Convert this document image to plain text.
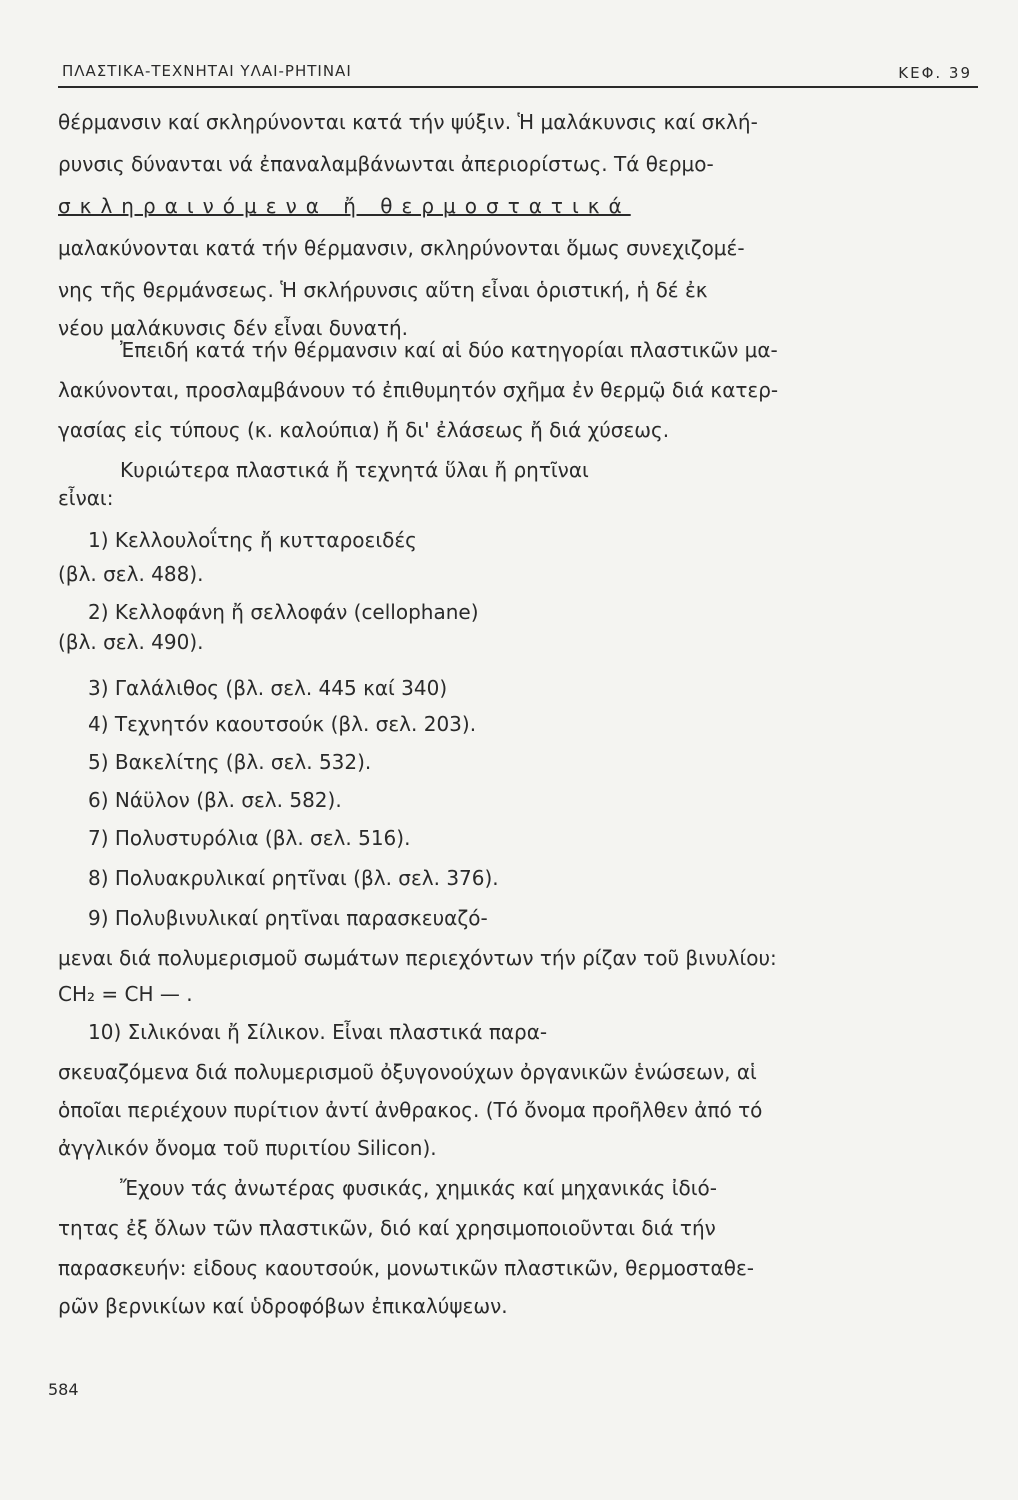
ΠΛΑΣΤΙΚΑ-ΤΕΧΝΗΤΑΙ ΥΛΑΙ-ΡΗΤΙΝΑΙ	ΚΕΦ. 39
θέρμανσιν καί σκληρύνονται κατά τήν ψύξιν. Ἡ μαλάκυνσις καί σκλή-
ρυνσις δύνανται νά ἐπαναλαμβάνωνται ἀπεριορίστως. Τά θερμο-
σκληραινόμενα ἤ θερμοστατικά
μαλακύνονται κατά τήν θέρμανσιν, σκληρύνονται ὅμως συνεχιζομέ-
νης τῆς θερμάνσεως. Ἡ σκλήρυνσις αὕτη εἶναι ὁριστική, ἡ δέ ἐκ
νέου μαλάκυνσις δέν εἶναι δυνατή.
Ἐπειδή κατά τήν θέρμανσιν καί αἱ δύο κατηγορίαι πλαστικῶν μα-
λακύνονται, προσλαμβάνουν τό ἐπιθυμητόν σχῆμα ἐν θερμῷ διά κατερ-
γασίας εἰς τύπους (κ. καλούπια) ἤ δι' ἐλάσεως ἤ διά χύσεως.
Κυριώτερα πλαστικά ἤ τεχνητά ὕλαι ἤ ρητῖναι
εἶναι:
1) Κελλουλοΐτης ἤ κυτταροειδές
(βλ. σελ. 488).
2) Κελλοφάνη ἤ σελλοφάν (cellophane)
(βλ. σελ. 490).
3) Γαλάλιθος (βλ. σελ. 445 καί 340)
4) Τεχνητόν καουτσούκ (βλ. σελ. 203).
5) Βακελίτης (βλ. σελ. 532).
6) Νάϋλον (βλ. σελ. 582).
7) Πολυστυρόλια (βλ. σελ. 516).
8) Πολυακρυλικαί ρητῖναι (βλ. σελ. 376).
9) Πολυβινυλικαί ρητῖναι παρασκευαζό-
μεναι διά πολυμερισμοῦ σωμάτων περιεχόντων τήν ρίζαν τοῦ βινυλίου:
CH₂ = CH — .
10) Σιλικόναι ἤ Σίλικον. Εἶναι πλαστικά παρα-
σκευαζόμενα διά πολυμερισμοῦ ὀξυγονούχων ὀργανικῶν ἑνώσεων, αἱ
ὁποῖαι περιέχουν πυρίτιον ἀντί ἀνθρακος. (Τό ὄνομα προῆλθεν ἀπό τό
ἀγγλικόν ὄνομα τοῦ πυριτίου Silicon).
Ἔχουν τάς ἀνωτέρας φυσικάς, χημικάς καί μηχανικάς ἰδιό-
τητας ἐξ ὅλων τῶν πλαστικῶν, διό καί χρησιμοποιοῦνται διά τήν
παρασκευήν: εἰδους καουτσούκ, μονωτικῶν πλαστικῶν, θερμοσταθε-
ρῶν βερνικίων καί ὑδροφόβων ἐπικαλύψεων.
584
